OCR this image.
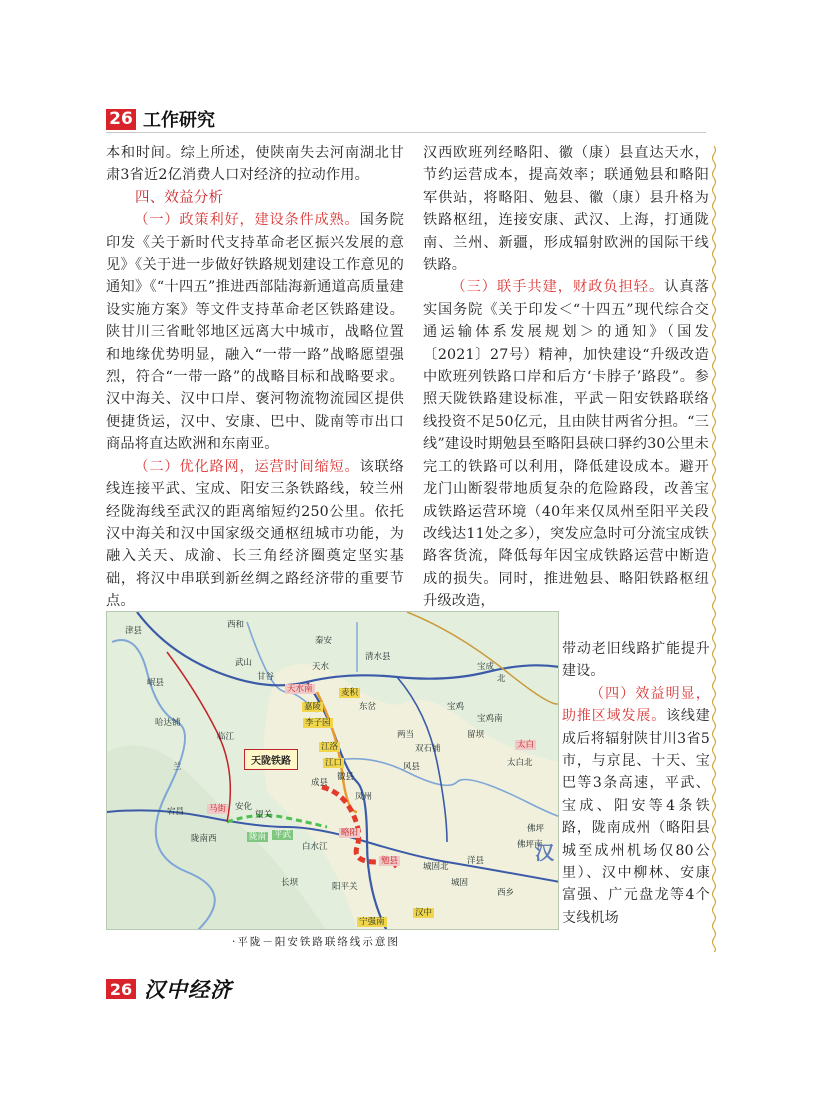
26 工作研究

本和时间。综上所述，使陕南失去河南湖北甘肃3省近2亿消费人口对经济的拉动作用。

四、效益分析

（一）政策利好，建设条件成熟。国务院印发《关于新时代支持革命老区振兴发展的意见》《关于进一步做好铁路规划建设工作意见的通知》《“十四五”推进西部陆海新通道高质量建设实施方案》等文件支持革命老区铁路建设。陕甘川三省毗邻地区远离大中城市，战略位置和地缘优势明显，融入“一带一路”战略愿望强烈，符合“一带一路”的战略目标和战略要求。汉中海关、汉中口岸、褒河物流物流园区提供便捷货运，汉中、安康、巴中、陇南等市出口商品将直达欧洲和东南亚。

（二）优化路网，运营时间缩短。该联络线连接平武、宝成、阳安三条铁路线，较兰州经陇海线至武汉的距离缩短约250公里。依托汉中海关和汉中国家级交通枢纽城市功能，为融入关天、成渝、长三角经济圈奠定坚实基础，将汉中串联到新丝绸之路经济带的重要节点。

汉西欧班列经略阳、徽（康）县直达天水，节约运营成本，提高效率；联通勉县和略阳军供站，将略阳、勉县、徽（康）县升格为铁路枢纽，连接安康、武汉、上海，打通陇南、兰州、新疆，形成辐射欧洲的国际干线铁路。

（三）联手共建，财政负担轻。认真落实国务院《关于印发＜“十四五”现代综合交通运输体系发展规划＞的通知》（国发〔2021〕27号）精神，加快建设“升级改造中欧班列铁路口岸和后方‘卡脖子’路段”。参照天陇铁路建设标准，平武－阳安铁路联络线投资不足50亿元，且由陕甘两省分担。“三线”建设时期勉县至略阳县硖口驿约30公里未完工的铁路可以利用，降低建设成本。避开龙门山断裂带地质复杂的危险路段，改善宝成铁路运营环境（40年来仅凤州至阳平关段改线达11处之多），突发应急时可分流宝成铁路客货流，降低每年因宝成铁路运营中断造成的损失。同时，推进勉县、略阳铁路枢纽升级改造，

带动老旧线路扩能提升建设。

（四）效益明显，助推区域发展。该线建成后将辐射陕甘川3省5市，与京昆、十天、宝巴等3条高速，平武、宝成、阳安等4条铁路，陇南成州（略阳县城至成州机场仅80公里）、汉中柳林、安康富强、广元盘龙等4个支线机场

天陇铁路
津县
岷县
哈达铺
兰
宕昌
陇南西
临江
西和
武山
甘谷
天水
秦安
清水县
天水南	麦积
嘉陵
李子园
东岔	宝鸡
宝鸡南
风县
留坝
徽县
成县
太白
江洛
两当
江口
长坝
白水江
略阳
平武
汉中
勉县
宁强南
阳平关
洋县
城固北
西乡
佛坪
城固
陇南
马街 安化
望关
凤州
宝成
北
佛坪南
太白北
双石铺
汉
·平陇－阳安铁路联络线示意图
26 汉中经济
